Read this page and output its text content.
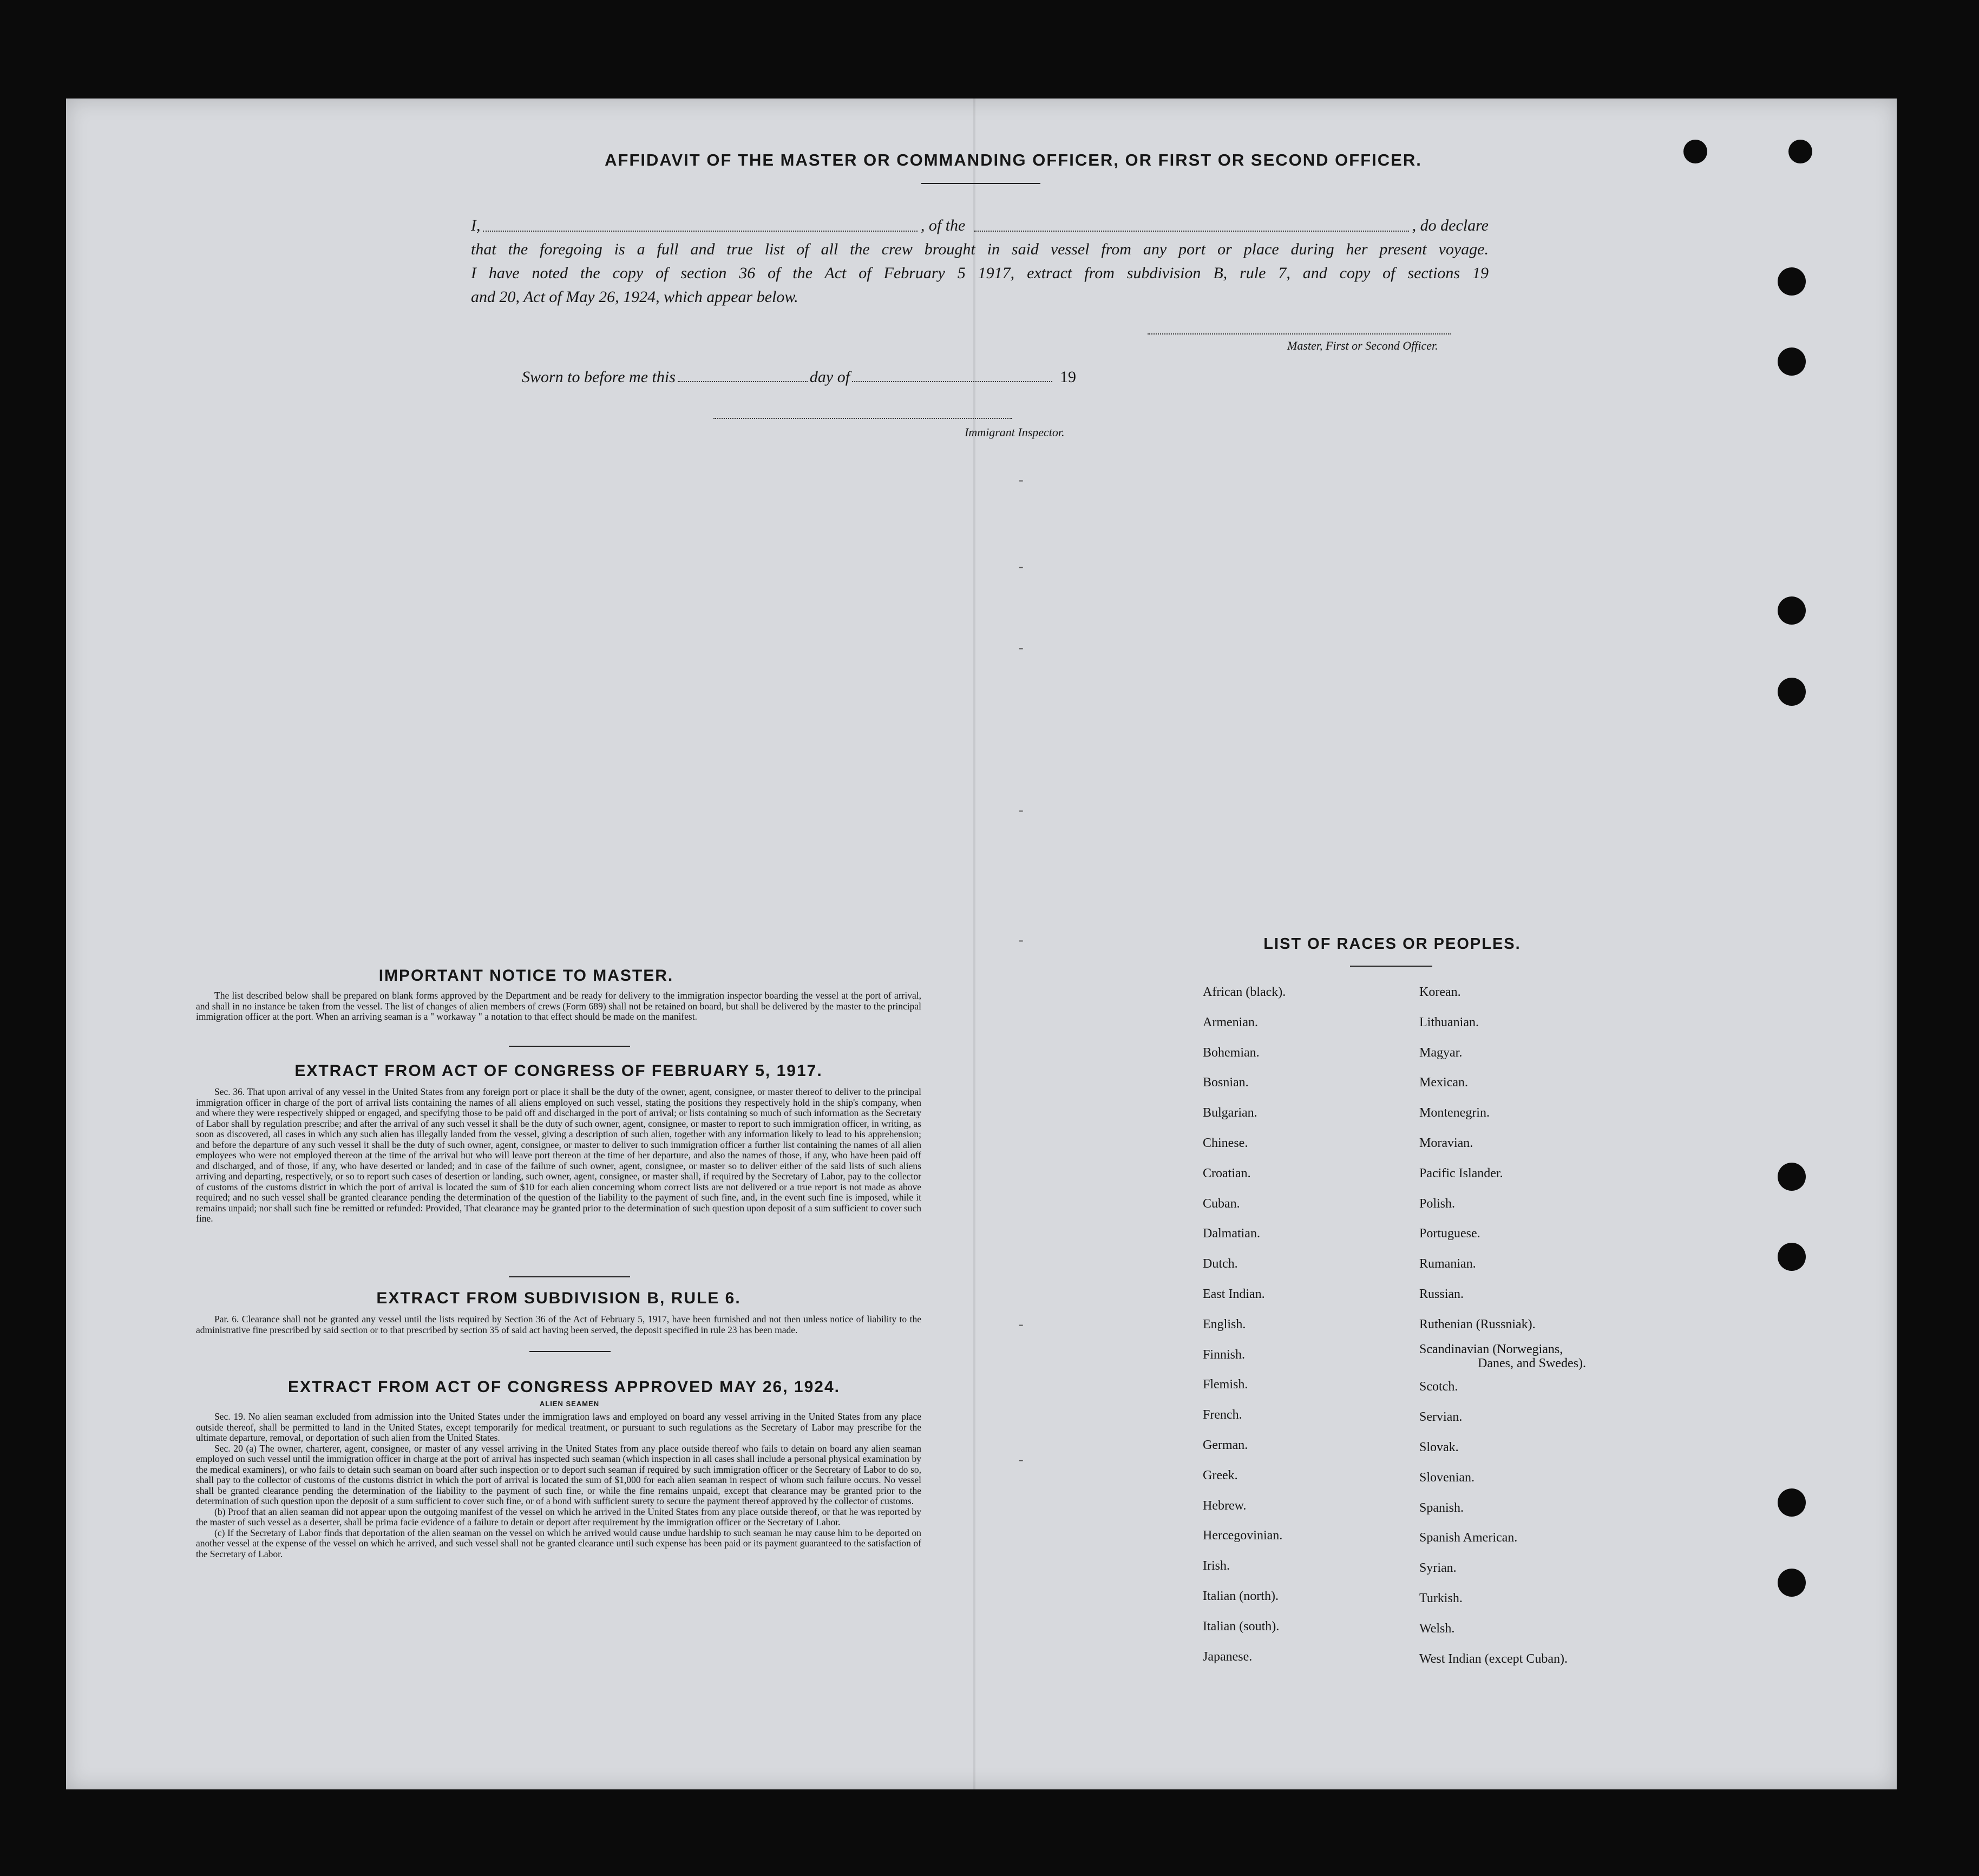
AFFIDAVIT OF THE MASTER OR COMMANDING OFFICER, OR FIRST OR SECOND OFFICER.
I,	, of the	, do declare
that the foregoing is a full and true list of all the crew brought in said vessel from any port or place during her present voyage.
I have noted the copy of section 36 of the Act of February 5 1917, extract from subdivision B, rule 7, and copy of sections 19
and 20, Act of May 26, 1924, which appear below.
Master, First or Second Officer.
Sworn to before me this	day of	19
Immigrant Inspector.
IMPORTANT NOTICE TO MASTER.

The list described below shall be prepared on blank forms approved by the Department and be ready for delivery to the immigration inspector boarding the vessel at the port of arrival, and shall in no instance be taken from the vessel. The list of changes of alien members of crews (Form 689) shall not be retained on board, but shall be delivered by the master to the principal immigration officer at the port. When an arriving seaman is a " workaway " a notation to that effect should be made on the manifest.

EXTRACT FROM ACT OF CONGRESS OF FEBRUARY 5, 1917.

Sec. 36. That upon arrival of any vessel in the United States from any foreign port or place it shall be the duty of the owner, agent, consignee, or master thereof to deliver to the principal immigration officer in charge of the port of arrival lists containing the names of all aliens employed on such vessel, stating the positions they respectively hold in the ship's company, when and where they were respectively shipped or engaged, and specifying those to be paid off and discharged in the port of arrival; or lists containing so much of such information as the Secretary of Labor shall by regulation prescribe; and after the arrival of any such vessel it shall be the duty of such owner, agent, consignee, or master to report to such immigration officer, in writing, as soon as discovered, all cases in which any such alien has illegally landed from the vessel, giving a description of such alien, together with any information likely to lead to his apprehension; and before the departure of any such vessel it shall be the duty of such owner, agent, consignee, or master to deliver to such immigration officer a further list containing the names of all alien employees who were not employed thereon at the time of the arrival but who will leave port thereon at the time of her departure, and also the names of those, if any, who have been paid off and discharged, and of those, if any, who have deserted or landed; and in case of the failure of such owner, agent, consignee, or master so to deliver either of the said lists of such aliens arriving and departing, respectively, or so to report such cases of desertion or landing, such owner, agent, consignee, or master shall, if required by the Secretary of Labor, pay to the collector of customs of the customs district in which the port of arrival is located the sum of $10 for each alien concerning whom correct lists are not delivered or a true report is not made as above required; and no such vessel shall be granted clearance pending the determination of the question of the liability to the payment of such fine, and, in the event such fine is imposed, while it remains unpaid; nor shall such fine be remitted or refunded: Provided, That clearance may be granted prior to the determination of such question upon deposit of a sum sufficient to cover such fine.

EXTRACT FROM SUBDIVISION B, RULE 6.

Par. 6. Clearance shall not be granted any vessel until the lists required by Section 36 of the Act of February 5, 1917, have been furnished and not then unless notice of liability to the administrative fine prescribed by said section or to that prescribed by section 35 of said act having been served, the deposit specified in rule 23 has been made.

EXTRACT FROM ACT OF CONGRESS APPROVED MAY 26, 1924.
ALIEN SEAMEN

Sec. 19. No alien seaman excluded from admission into the United States under the immigration laws and employed on board any vessel arriving in the United States from any place outside thereof, shall be permitted to land in the United States, except temporarily for medical treatment, or pursuant to such regulations as the Secretary of Labor may prescribe for the ultimate departure, removal, or deportation of such alien from the United States.

Sec. 20 (a) The owner, charterer, agent, consignee, or master of any vessel arriving in the United States from any place outside thereof who fails to detain on board any alien seaman employed on such vessel until the immigration officer in charge at the port of arrival has inspected such seaman (which inspection in all cases shall include a personal physical examination by the medical examiners), or who fails to detain such seaman on board after such inspection or to deport such seaman if required by such immigration officer or the Secretary of Labor to do so, shall pay to the collector of customs of the customs district in which the port of arrival is located the sum of $1,000 for each alien seaman in respect of whom such failure occurs. No vessel shall be granted clearance pending the determination of the liability to the payment of such fine, or while the fine remains unpaid, except that clearance may be granted prior to the determination of such question upon the deposit of a sum sufficient to cover such fine, or of a bond with sufficient surety to secure the payment thereof approved by the collector of customs.

(b) Proof that an alien seaman did not appear upon the outgoing manifest of the vessel on which he arrived in the United States from any place outside thereof, or that he was reported by the master of such vessel as a deserter, shall be prima facie evidence of a failure to detain or deport after requirement by the immigration officer or the Secretary of Labor.

(c) If the Secretary of Labor finds that deportation of the alien seaman on the vessel on which he arrived would cause undue hardship to such seaman he may cause him to be deported on another vessel at the expense of the vessel on which he arrived, and such vessel shall not be granted clearance until such expense has been paid or its payment guaranteed to the satisfaction of the Secretary of Labor.

LIST OF RACES OR PEOPLES.
African (black).
Armenian.
Bohemian.
Bosnian.
Bulgarian.
Chinese.
Croatian.
Cuban.
Dalmatian.
Dutch.
East Indian.
English.
Finnish.
Flemish.
French.
German.
Greek.
Hebrew.
Hercegovinian.
Irish.
Italian (north).
Italian (south).
Japanese.
Korean.
Lithuanian.
Magyar.
Mexican.
Montenegrin.
Moravian.
Pacific Islander.
Polish.
Portuguese.
Rumanian.
Russian.
Ruthenian (Russniak).
Scandinavian (Norwegians,
Danes, and Swedes).
Scotch.
Servian.
Slovak.
Slovenian.
Spanish.
Spanish American.
Syrian.
Turkish.
Welsh.
West Indian (except Cuban).
-
-
-
-
-
-
-
